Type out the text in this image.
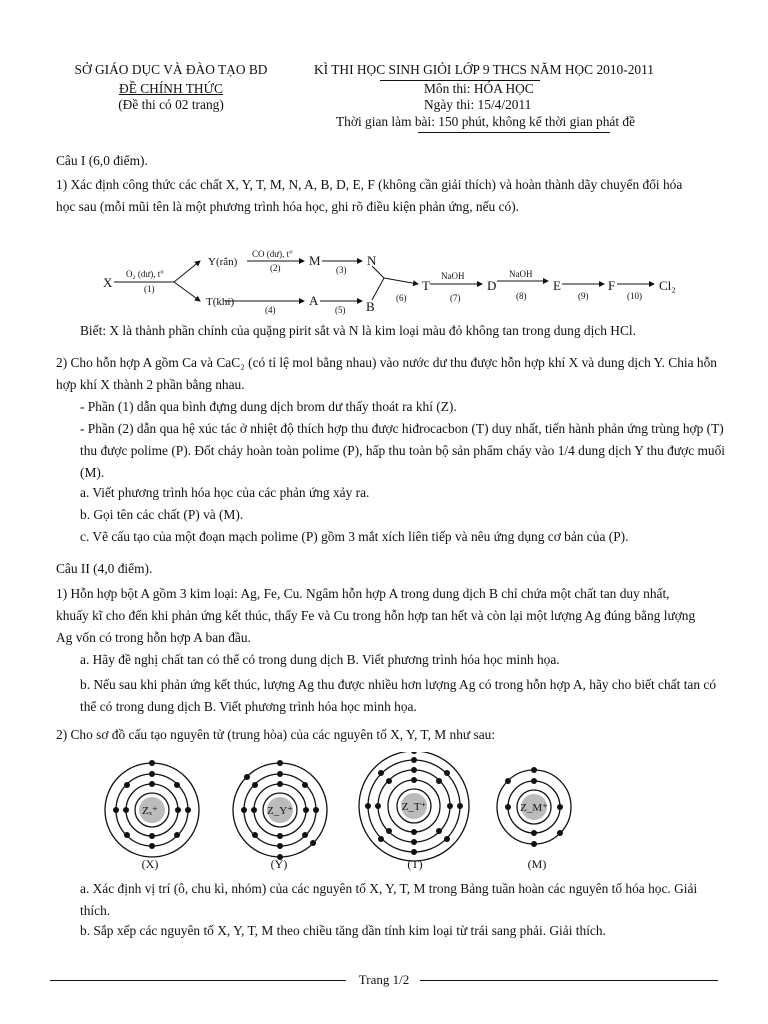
SỞ GIÁO DỤC VÀ ĐÀO TẠO BD
ĐỀ CHÍNH THỨC
(Đề thi có 02 trang)
KÌ THI HỌC SINH GIỎI LỚP 9 THCS NĂM HỌC 2010-2011
Môn thi: HÓA HỌC
Ngày thi: 15/4/2011
Thời gian làm bài: 150 phút, không kể thời gian phát đề
Câu I (6,0 điểm).
1) Xác định công thức các chất X, Y, T, M, N, A, B, D, E, F (không cần giải thích) và hoàn thành dãy chuyển đổi hóa học sau (mỗi mũi tên là một phương trình hóa học, ghi rõ điều kiện phản ứng, nếu có).
X
Y(rắn)	M	N
T(khí)	A	B
T	D	E	F	Cl₂
O₂ (dư), t°
(1)
CO (dư), t°
(2)	(3)
(4)	(5)
(6)
NaOH
(7)
NaOH
(8)	(9)	(10)
Biết: X là thành phần chính của quặng pirit sắt và N là kim loại màu đỏ không tan trong dung dịch HCl.
2) Cho hỗn hợp A gồm Ca và CaC₂ (có tỉ lệ mol bằng nhau) vào nước dư thu được hỗn hợp khí X và dung dịch Y. Chia hỗn hợp khí X thành 2 phần bằng nhau.
- Phần (1) dẫn qua bình đựng dung dịch brom dư thấy thoát ra khí (Z).
- Phần (2) dẫn qua hệ xúc tác ở nhiệt độ thích hợp thu được hiđrocacbon (T) duy nhất, tiến hành phản ứng trùng hợp (T) thu được polime (P). Đốt cháy hoàn toàn polime (P), hấp thu toàn bộ sản phẩm cháy vào 1/4 dung dịch Y thu được muối (M).
a. Viết phương trình hóa học của các phản ứng xảy ra.
b. Gọi tên các chất (P) và (M).
c. Vẽ cấu tạo của một đoạn mạch polime (P) gồm 3 mắt xích liên tiếp và nêu ứng dụng cơ bản của (P).
Câu II (4,0 điểm).
1) Hỗn hợp bột A gồm 3 kim loại: Ag, Fe, Cu. Ngâm hỗn hợp A trong dung dịch B chỉ chứa một chất tan duy nhất, khuấy kĩ cho đến khi phản ứng kết thúc, thấy Fe và Cu trong hỗn hợp tan hết và còn lại một lượng Ag đúng bằng lượng Ag vốn có trong hỗn hợp A ban đầu.
a. Hãy đề nghị chất tan có thể có trong dung dịch B. Viết phương trình hóa học minh họa.
b. Nếu sau khi phản ứng kết thúc, lượng Ag thu được nhiều hơn lượng Ag có trong hỗn hợp A, hãy cho biết chất tan có thể có trong dung dịch B. Viết phương trình hóa học minh họa.
2) Cho sơ đồ cấu tạo nguyên tử (trung hòa) của các nguyên tố X, Y, T, M như sau:
Zₓ⁺	Z_Y⁺	Z_T⁺	Z_M⁺
(X)	(Y)	(T)	(M)
a. Xác định vị trí (ô, chu kì, nhóm) của các nguyên tố X, Y, T, M trong Bảng tuần hoàn các nguyên tố hóa học. Giải thích.
b. Sắp xếp các nguyên tố X, Y, T, M theo chiều tăng dần tính kim loại từ trái sang phải. Giải thích.
Trang 1/2
